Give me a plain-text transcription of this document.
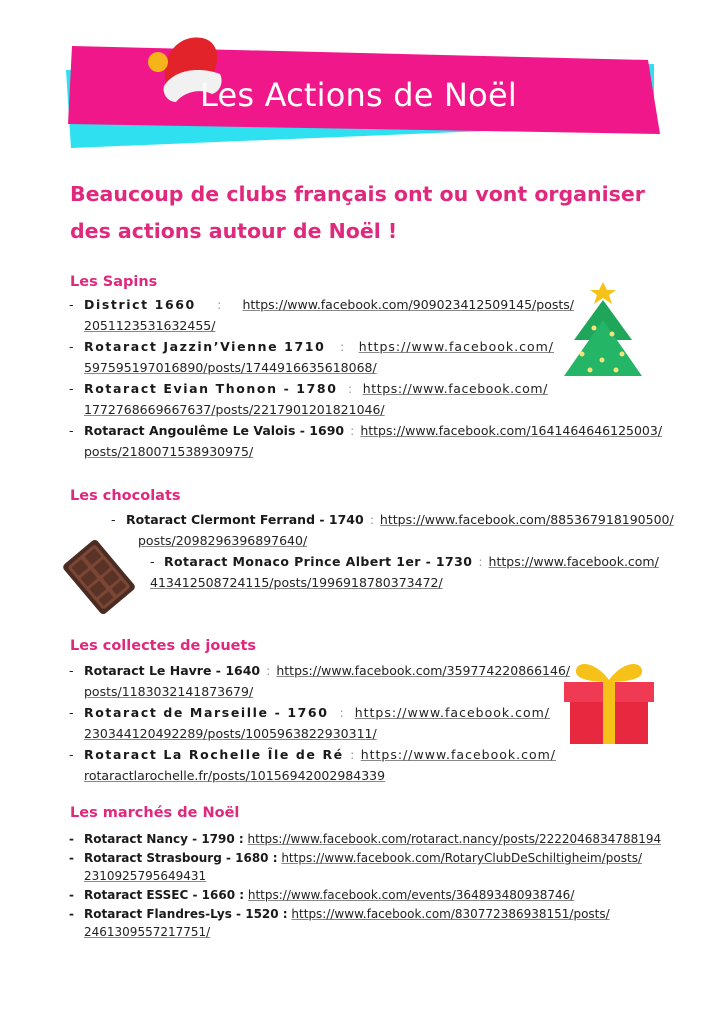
Les Actions de Noël
Beaucoup de clubs français ont ou vont organiser
des actions autour de Noël !
Les Sapins
- District 1660 : https://www.facebook.com/909023412509145/posts/
2051123531632455/
- Rotaract Jazzin’Vienne 1710 : https://www.facebook.com/
597595197016890/posts/1744916635618068/
- Rotaract Evian Thonon - 1780 : https://www.facebook.com/
1772768669667637/posts/2217901201821046/
- Rotaract Angoulême Le Valois - 1690 : https://www.facebook.com/1641464646125003/
posts/2180071538930975/
Les chocolats
- Rotaract Clermont Ferrand - 1740 : https://www.facebook.com/885367918190500/
posts/2098296396897640/
- Rotaract Monaco Prince Albert 1er - 1730 : https://www.facebook.com/
413412508724115/posts/1996918780373472/
Les collectes de jouets
- Rotaract Le Havre - 1640 : https://www.facebook.com/359774220866146/
posts/1183032141873679/
- Rotaract de Marseille - 1760 : https://www.facebook.com/
230344120492289/posts/1005963822930311/
- Rotaract La Rochelle Île de Ré : https://www.facebook.com/
rotaractlarochelle.fr/posts/10156942002984339
Les marchés de Noël
- Rotaract Nancy - 1790 :
https://www.facebook.com/rotaract.nancy/posts/2222046834788194
- Rotaract Strasbourg - 1680 :
https://www.facebook.com/RotaryClubDeSchiltigheim/posts/
2310925795649431
- Rotaract ESSEC - 1660 :
https://www.facebook.com/events/364893480938746/
- Rotaract Flandres-Lys - 1520 :
https://www.facebook.com/830772386938151/posts/
2461309557217751/
